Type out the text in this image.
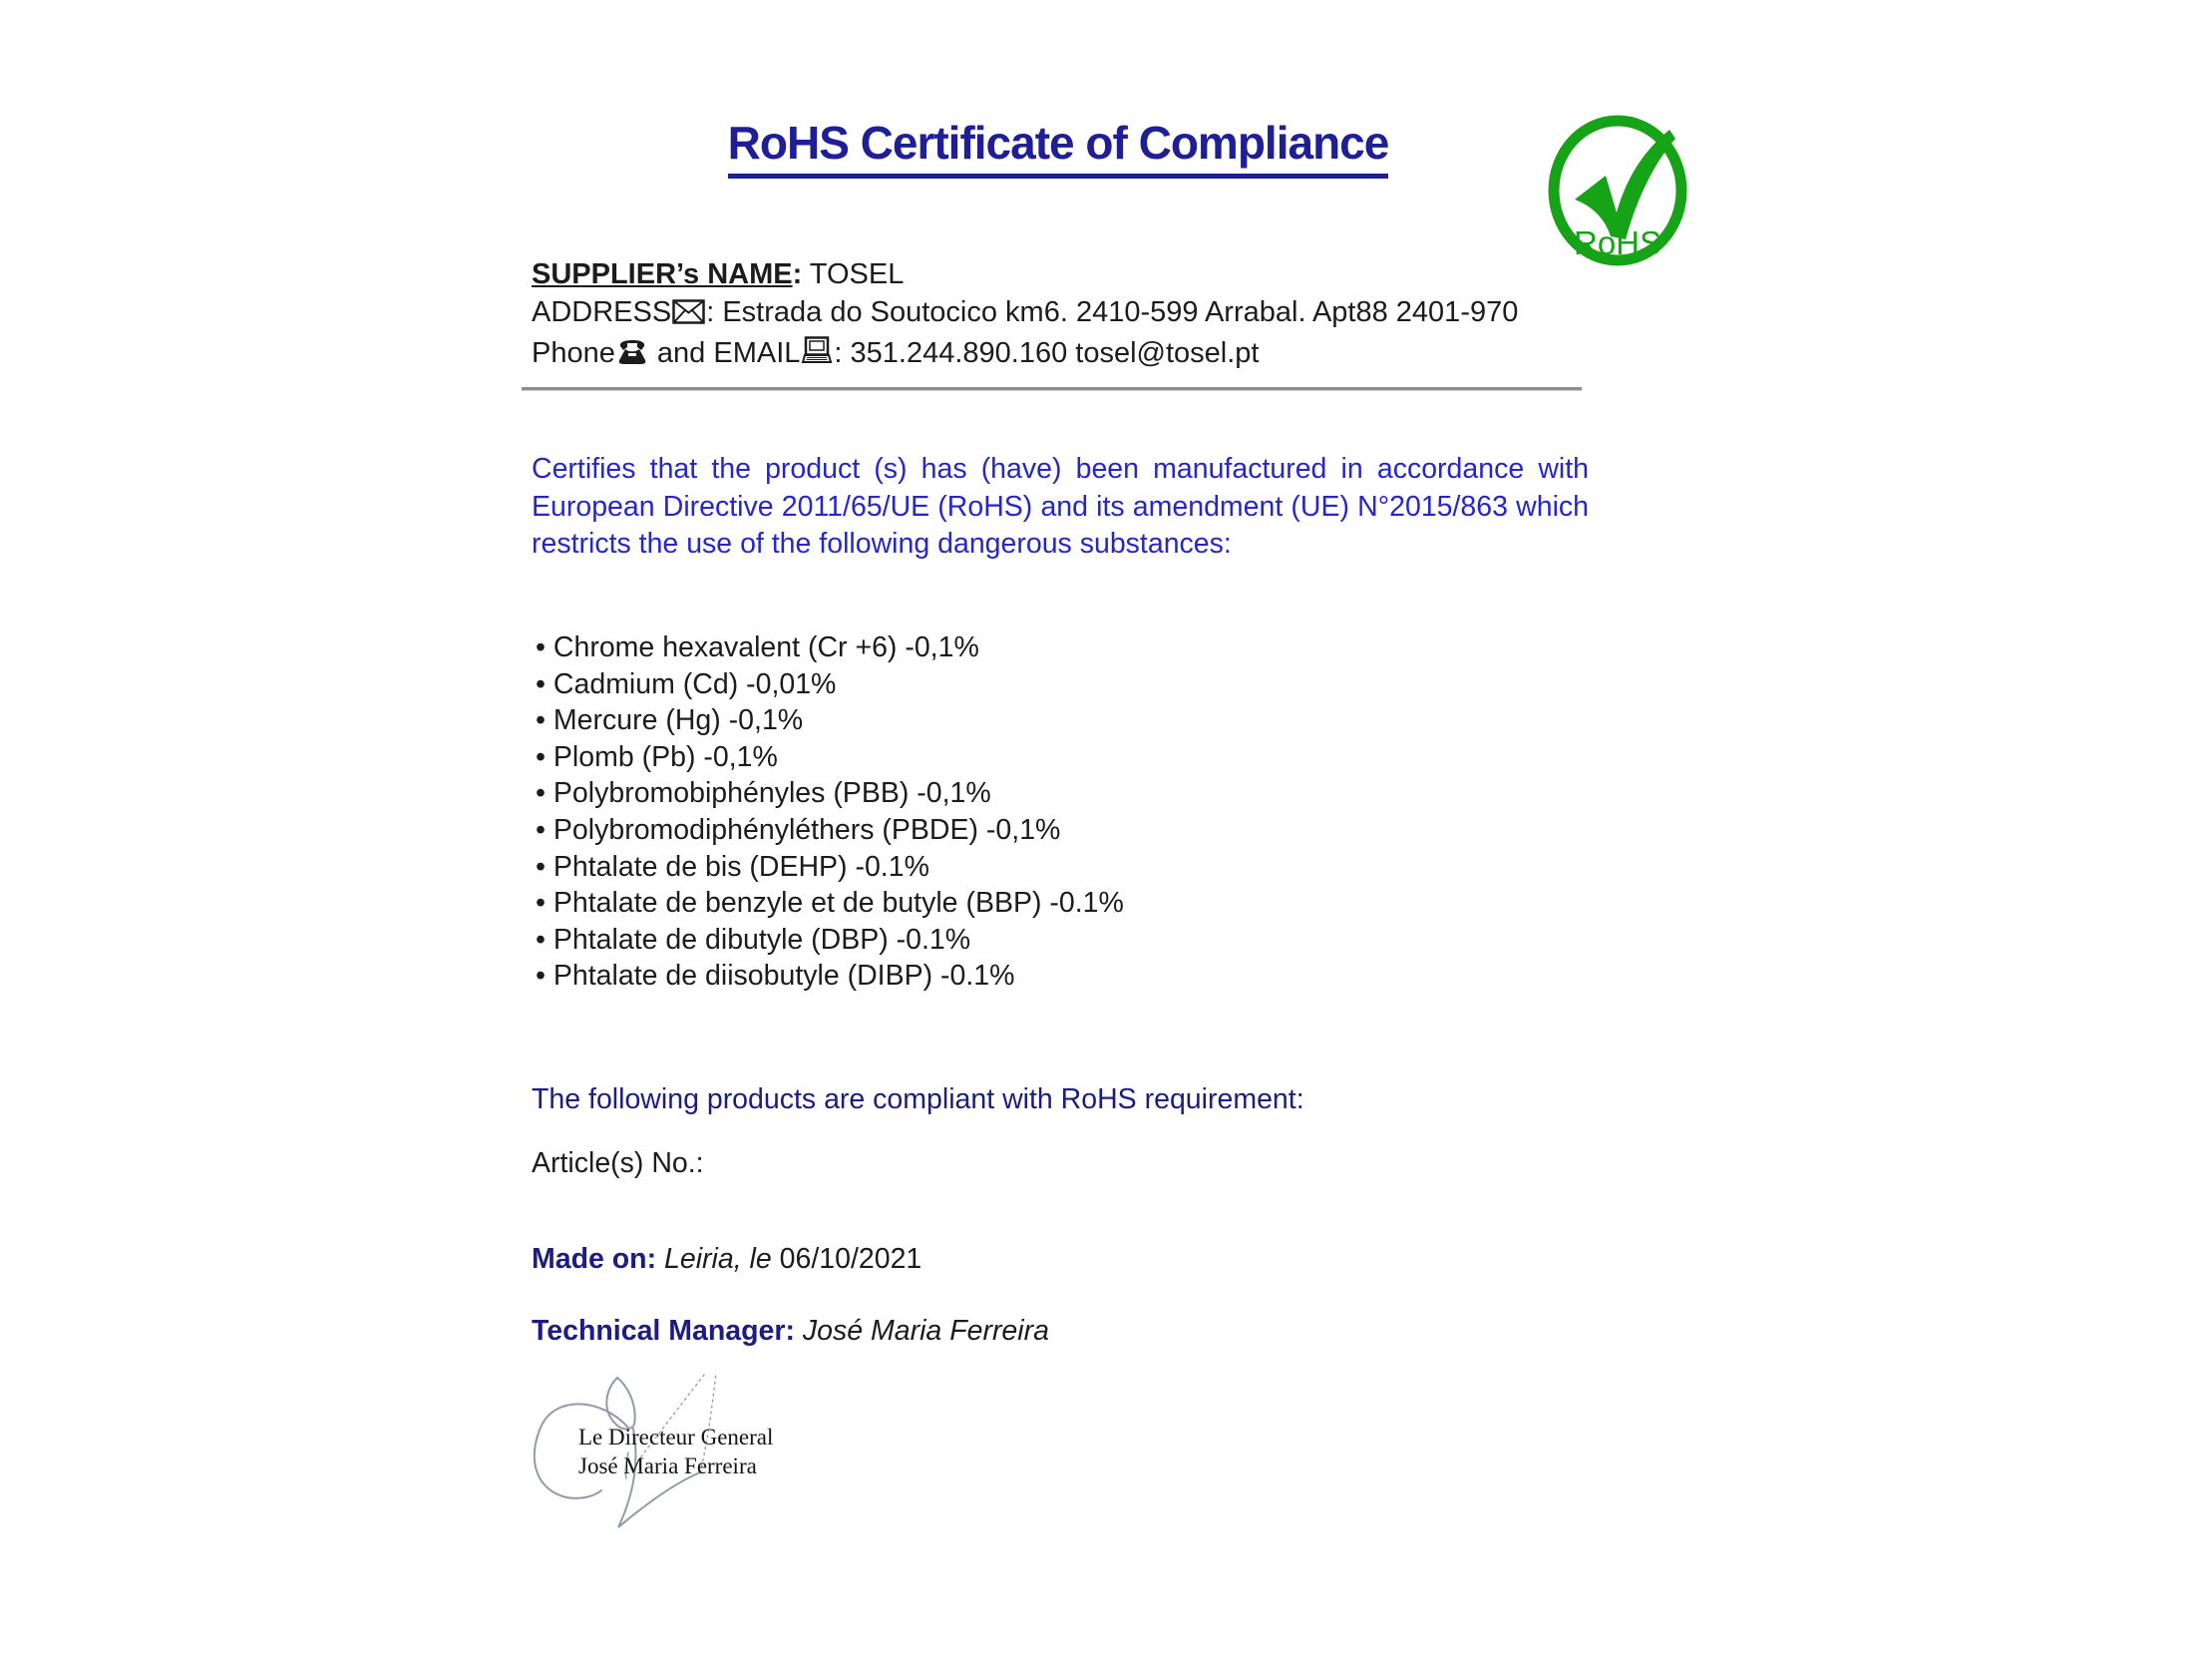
RoHS Certificate of Compliance
RoHS
SUPPLIER’s NAME: TOSEL
ADDRESS : Estrada do Soutocico km6. 2410-599 Arrabal. Apt88 2401-970
Phone and EMAIL : 351.244.890.160 tosel@tosel.pt

Certifies that the product (s) has (have) been manufactured in accordance with European Directive 2011/65/UE (RoHS) and its amendment (UE) N°2015/863 which restricts the use of the following dangerous substances:

• Chrome hexavalent (Cr +6) -0,1%
• Cadmium (Cd) -0,01%
• Mercure (Hg) -0,1%
• Plomb (Pb) -0,1%
• Polybromobiphényles (PBB) -0,1%
• Polybromodiphényléthers (PBDE) -0,1%
• Phtalate de bis (DEHP) -0.1%
• Phtalate de benzyle et de butyle (BBP) -0.1%
• Phtalate de dibutyle (DBP) -0.1%
• Phtalate de diisobutyle (DIBP) -0.1%
The following products are compliant with RoHS requirement:
Article(s) No.:
Made on: Leiria, le 06/10/2021
Technical Manager: José Maria Ferreira
Le Directeur General
José Maria Ferreira
